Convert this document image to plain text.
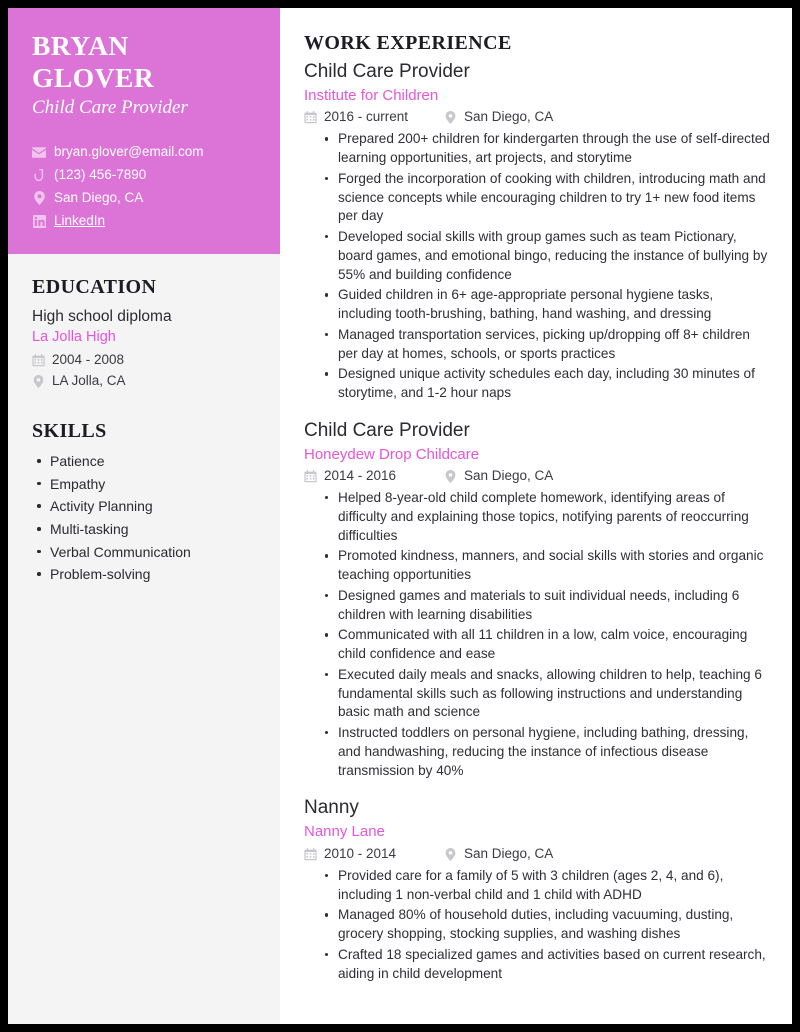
BRYAN GLOVER
Child Care Provider
bryan.glover@email.com
(123) 456-7890
San Diego, CA
LinkedIn
EDUCATION
High school diploma
La Jolla High
2004 - 2008
LA Jolla, CA
SKILLS
Patience
Empathy
Activity Planning
Multi-tasking
Verbal Communication
Problem-solving
WORK EXPERIENCE
Child Care Provider
Institute for Children
2016 - current	San Diego, CA
Prepared 200+ children for kindergarten through the use of self-directed learning opportunities, art projects, and storytime
Forged the incorporation of cooking with children, introducing math and science concepts while encouraging children to try 1+ new food items per day
Developed social skills with group games such as team Pictionary, board games, and emotional bingo, reducing the instance of bullying by 55% and building confidence
Guided children in 6+ age-appropriate personal hygiene tasks, including tooth-brushing, bathing, hand washing, and dressing
Managed transportation services, picking up/dropping off 8+ children per day at homes, schools, or sports practices
Designed unique activity schedules each day, including 30 minutes of storytime, and 1-2 hour naps
Child Care Provider
Honeydew Drop Childcare
2014 - 2016	San Diego, CA
Helped 8-year-old child complete homework, identifying areas of difficulty and explaining those topics, notifying parents of reoccurring difficulties
Promoted kindness, manners, and social skills with stories and organic teaching opportunities
Designed games and materials to suit individual needs, including 6 children with learning disabilities
Communicated with all 11 children in a low, calm voice, encouraging child confidence and ease
Executed daily meals and snacks, allowing children to help, teaching 6 fundamental skills such as following instructions and understanding basic math and science
Instructed toddlers on personal hygiene, including bathing, dressing, and handwashing, reducing the instance of infectious disease transmission by 40%
Nanny
Nanny Lane
2010 - 2014	San Diego, CA
Provided care for a family of 5 with 3 children (ages 2, 4, and 6), including 1 non-verbal child and 1 child with ADHD
Managed 80% of household duties, including vacuuming, dusting, grocery shopping, stocking supplies, and washing dishes
Crafted 18 specialized games and activities based on current research, aiding in child development
